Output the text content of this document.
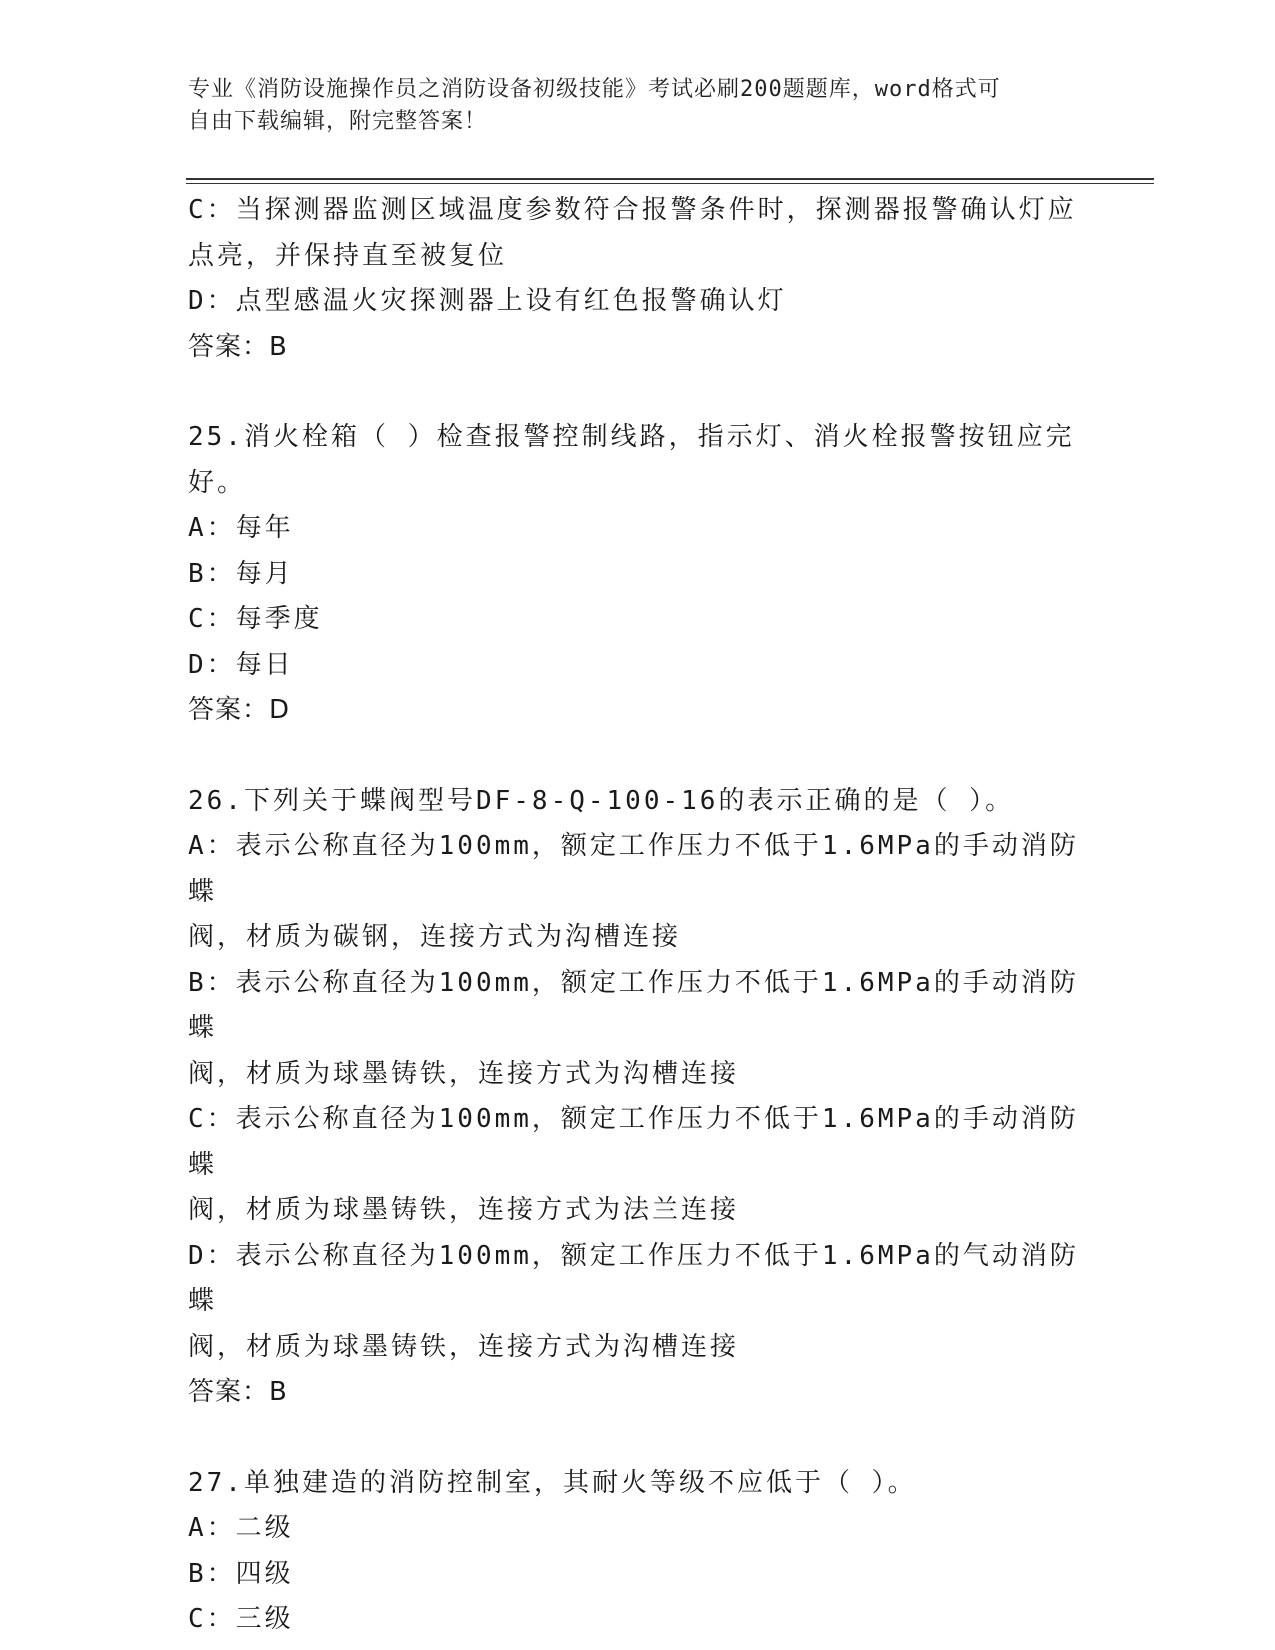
专业《消防设施操作员之消防设备初级技能》考试必刷200题题库，word格式可
自由下载编辑，附完整答案！

C：当探测器监测区域温度参数符合报警条件时，探测器报警确认灯应

点亮，并保持直至被复位

D：点型感温火灾探测器上设有红色报警确认灯

答案：B

25.消火栓箱（ ）检查报警控制线路，指示灯、消火栓报警按钮应完

好。

A：每年

B：每月

C：每季度

D：每日

答案：D

26.下列关于蝶阀型号DF-8-Q-100-16的表示正确的是（ ）。

A：表示公称直径为100mm，额定工作压力不低于1.6MPa的手动消防蝶

阀，材质为碳钢，连接方式为沟槽连接

B：表示公称直径为100mm，额定工作压力不低于1.6MPa的手动消防蝶

阀，材质为球墨铸铁，连接方式为沟槽连接

C：表示公称直径为100mm，额定工作压力不低于1.6MPa的手动消防蝶

阀，材质为球墨铸铁，连接方式为法兰连接

D：表示公称直径为100mm，额定工作压力不低于1.6MPa的气动消防蝶

阀，材质为球墨铸铁，连接方式为沟槽连接

答案：B

27.单独建造的消防控制室，其耐火等级不应低于（ ）。

A：二级

B：四级

C：三级
